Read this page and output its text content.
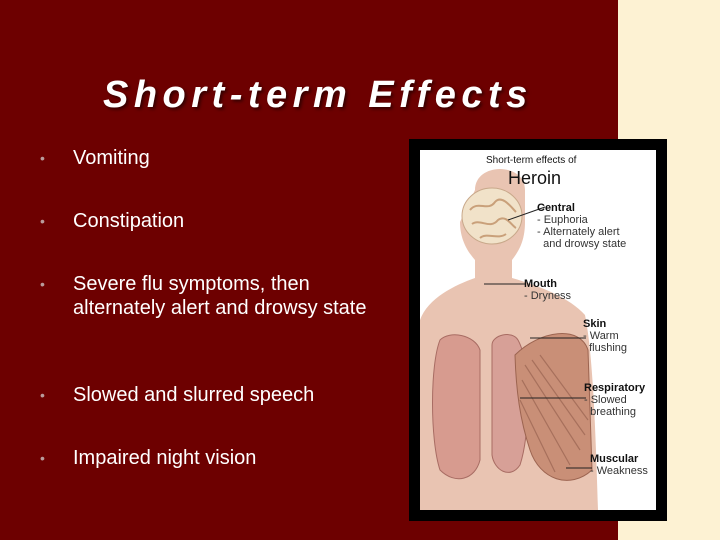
Short-term Effects
•	Vomiting
•	Constipation
•	Severe flu symptoms, then alternately alert and drowsy state
•	Slowed and slurred speech
•	Impaired night vision
Short-term effects of
Heroin
Central
- Euphoria
- Alternately alert
and drowsy state
Mouth
- Dryness
Skin
- Warm
flushing
Respiratory
- Slowed
breathing
Muscular
- Weakness
